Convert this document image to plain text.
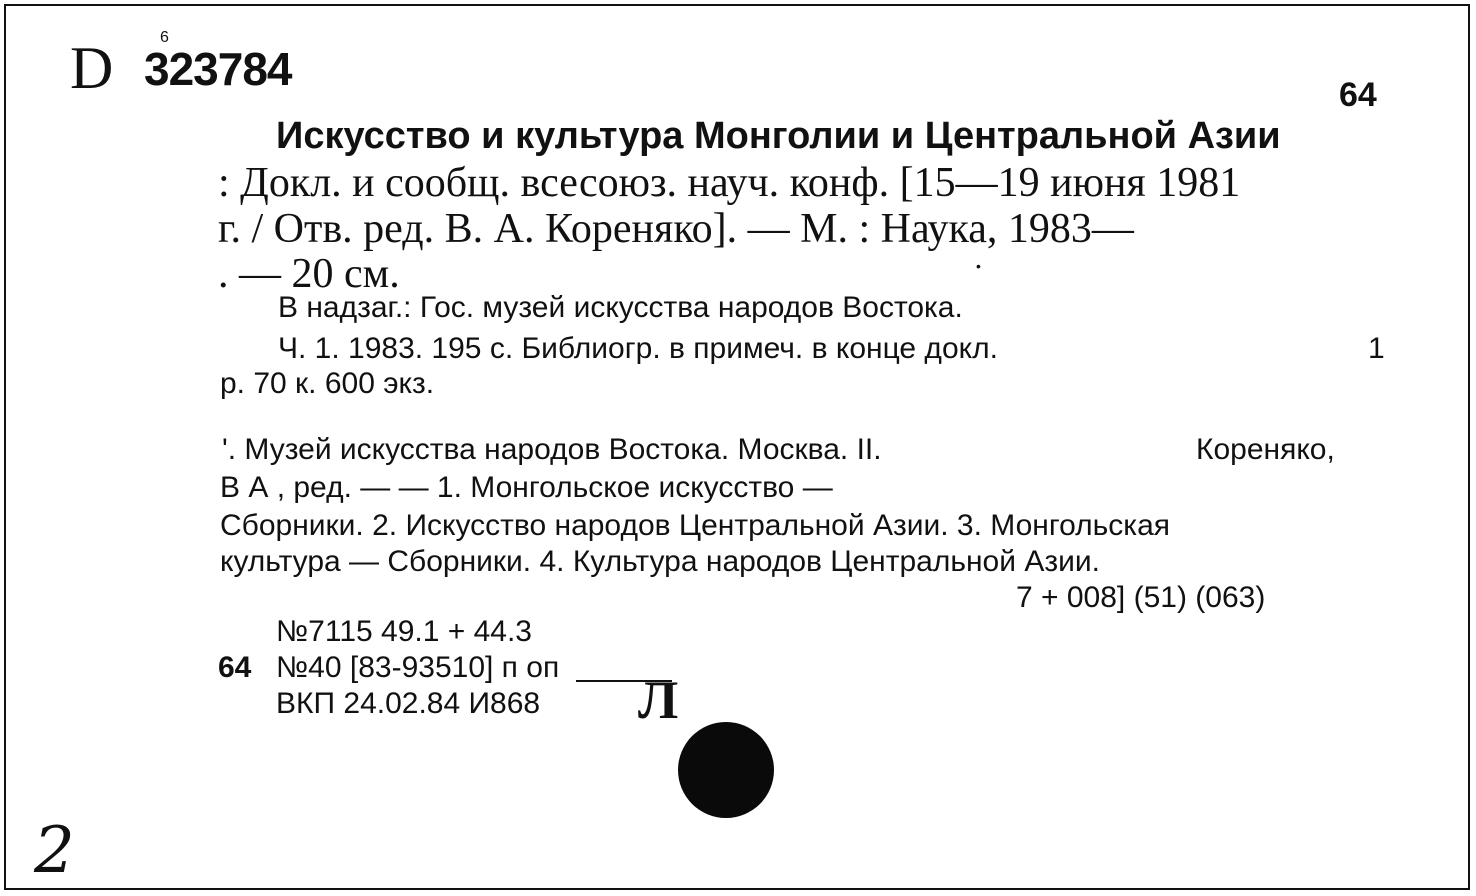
D	6
323784	64
Искусство и культура Монголии и Центральной Азии
: Докл. и сообщ. всесоюз. науч. конф. [15—19 июня 1981
г. / Отв. ред. В. А. Кореняко]. — М. : Наука, 1983—
. — 20 см.	•
В надзаг.: Гос. музей искусства народов Востока.
Ч. 1. 1983. 195 с. Библиогр. в примеч. в конце докл.	1
р. 70 к. 600 экз.
'. Музей искусства народов Востока. Москва. II.	Кореняко,
В А , ред. — — 1. Монгольское искусство —
Сборники. 2. Искусство народов Центральной Азии. 3. Монгольская
культура — Сборники. 4. Культура народов Центральной Азии.
7 + 008] (51) (063)
№7115 49.1 + 44.3
64 №40 [83-93510] п оп
ВКП 24.02.84 И868 Л
2
